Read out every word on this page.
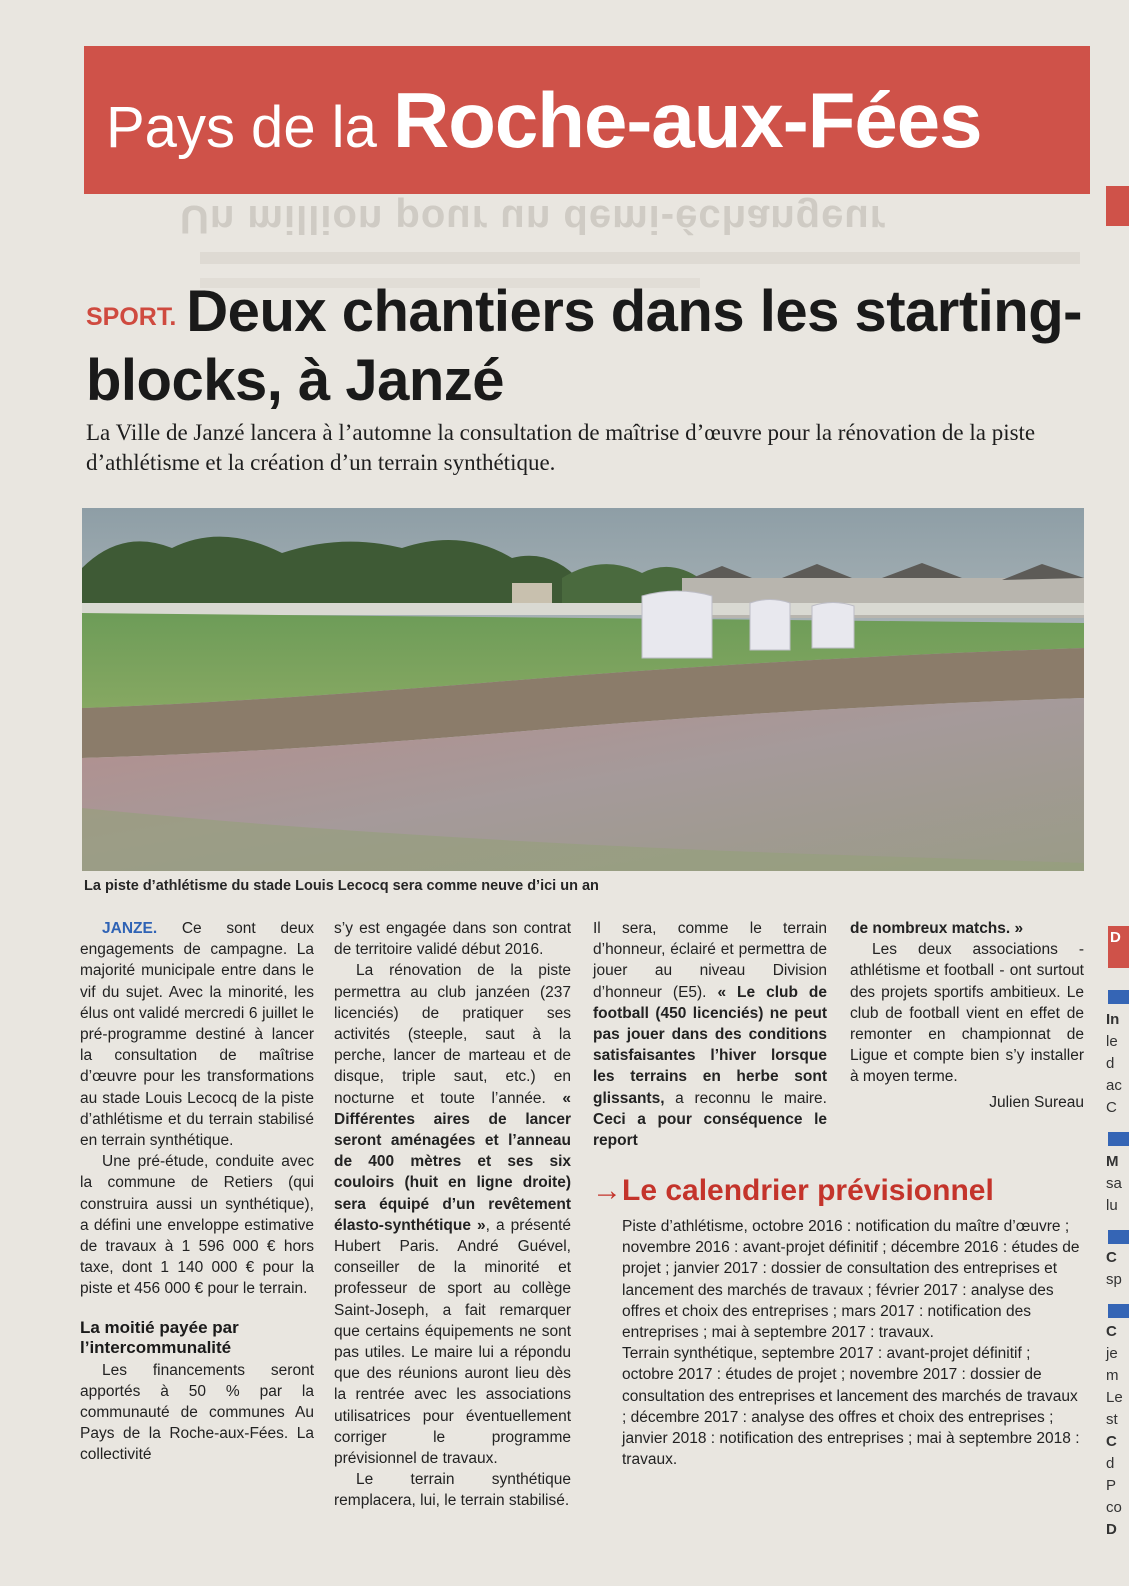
Un million pour un demi-échangeur
Pays de la Roche-aux-Fées
SPORT. Deux chantiers dans les starting-blocks, à Janzé
La Ville de Janzé lancera à l’automne la consultation de maîtrise d’œuvre pour la rénovation de la piste d’athlétisme et la création d’un terrain synthétique.
La piste d’athlétisme du stade Louis Lecocq sera comme neuve d’ici un an

JANZE. Ce sont deux engagements de campagne. La majorité municipale entre dans le vif du sujet. Avec la minorité, les élus ont validé mercredi 6 juillet le pré-programme destiné à lancer la consultation de maîtrise d’œuvre pour les transformations au stade Louis Lecocq de la piste d’athlétisme et du terrain stabilisé en terrain synthétique.

Une pré-étude, conduite avec la commune de Retiers (qui construira aussi un synthétique), a défini une enveloppe estimative de travaux à 1 596 000 € hors taxe, dont 1 140 000 € pour la piste et 456 000 € pour le terrain.

La moitié payée par l’intercommunalité

Les financements seront apportés à 50 % par la communauté de communes Au Pays de la Roche-aux-Fées. La collectivité

s’y est engagée dans son contrat de territoire validé début 2016.

La rénovation de la piste permettra au club janzéen (237 licenciés) de pratiquer ses activités (steeple, saut à la perche, lancer de marteau et de disque, triple saut, etc.) en nocturne et toute l’année. « Différentes aires de lancer seront aménagées et l’anneau de 400 mètres et ses six couloirs (huit en ligne droite) sera équipé d’un revêtement élasto-synthétique », a présenté Hubert Paris. André Guével, conseiller de la minorité et professeur de sport au collège Saint-Joseph, a fait remarquer que certains équipements ne sont pas utiles. Le maire lui a répondu que des réunions auront lieu dès la rentrée avec les associations utilisatrices pour éventuellement corriger le programme prévisionnel de travaux.

Le terrain synthétique remplacera, lui, le terrain stabilisé.

Il sera, comme le terrain d’honneur, éclairé et permettra de jouer au niveau Division d’honneur (E5). « Le club de football (450 licenciés) ne peut pas jouer dans des conditions satisfaisantes l’hiver lorsque les terrains en herbe sont glissants, a reconnu le maire. Ceci a pour conséquence le report

de nombreux matchs. »

Les deux associations - athlétisme et football - ont surtout des projets sportifs ambitieux. Le club de football vient en effet de remonter en championnat de Ligue et compte bien s’y installer à moyen terme.

Julien Sureau

→Le calendrier prévisionnel

Piste d’athlétisme, octobre 2016 : notification du maître d’œuvre ; novembre 2016 : avant-projet définitif ; décembre 2016 : études de projet ; janvier 2017 : dossier de consultation des entreprises et lancement des marchés de travaux ; février 2017 : analyse des offres et choix des entreprises ; mars 2017 : notification des entreprises ; mai à septembre 2017 : travaux.

Terrain synthétique, septembre 2017 : avant-projet définitif ; octobre 2017 : études de projet ; novembre 2017 : dossier de consultation des entreprises et lancement des marchés de travaux ; décembre 2017 : analyse des offres et choix des entreprises ; janvier 2018 : notification des entreprises ; mai à septembre 2018 : travaux.

D
In
le
d
ac
C
M
sa
lu
C
sp
C
je
m
Le
st
C
d
P
co
D
